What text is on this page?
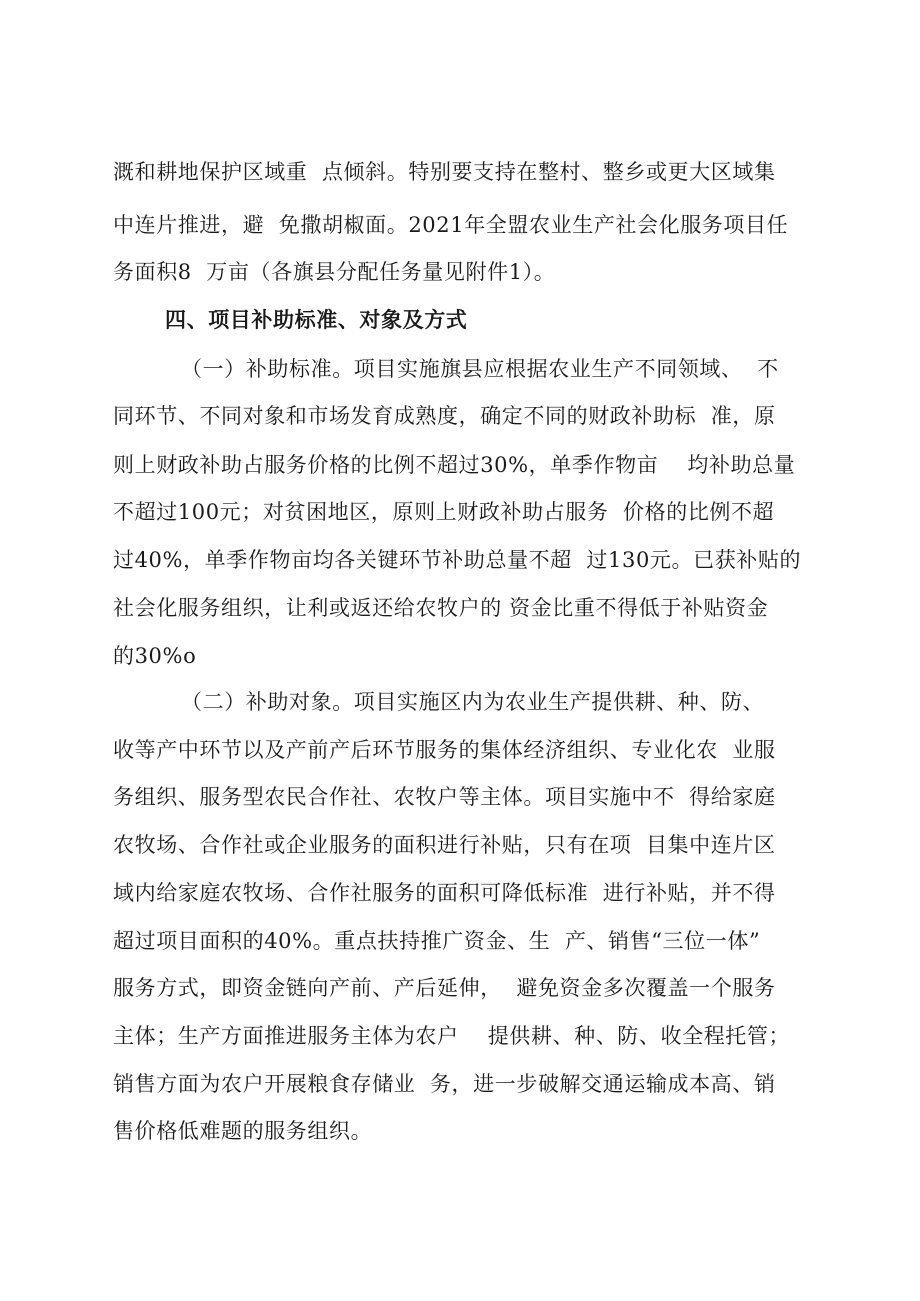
溉和耕地保护区域重  点倾斜。特别要支持在整村、整乡或更大区域集
中连片推进，避  免撒胡椒面。2021年全盟农业生产社会化服务项目任
务面积8  万亩（各旗县分配任务量见附件1）。
四、项目补助标准、对象及方式
（一）补助标准。项目实施旗县应根据农业生产不同领域、  不
同环节、不同对象和市场发育成熟度，确定不同的财政补助标  准，原
则上财政补助占服务价格的比例不超过30%，单季作物亩    均补助总量
不超过100元；对贫困地区，原则上财政补助占服务  价格的比例不超
过40%，单季作物亩均各关键环节补助总量不超  过130元。已获补贴的
社会化服务组织，让利或返还给农牧户的 资金比重不得低于补贴资金
的30%o
（二）补助对象。项目实施区内为农业生产提供耕、种、防、
收等产中环节以及产前产后环节服务的集体经济组织、专业化农  业服
务组织、服务型农民合作社、农牧户等主体。项目实施中不  得给家庭
农牧场、合作社或企业服务的面积进行补贴，只有在项  目集中连片区
域内给家庭农牧场、合作社服务的面积可降低标准  进行补贴，并不得
超过项目面积的40%。重点扶持推广资金、生  产、销售“三位一体”
服务方式，即资金链向产前、产后延伸，  避免资金多次覆盖一个服务
主体；生产方面推进服务主体为农户    提供耕、种、防、收全程托管；
销售方面为农户开展粮食存储业  务，进一步破解交通运输成本高、销
售价格低难题的服务组织。
